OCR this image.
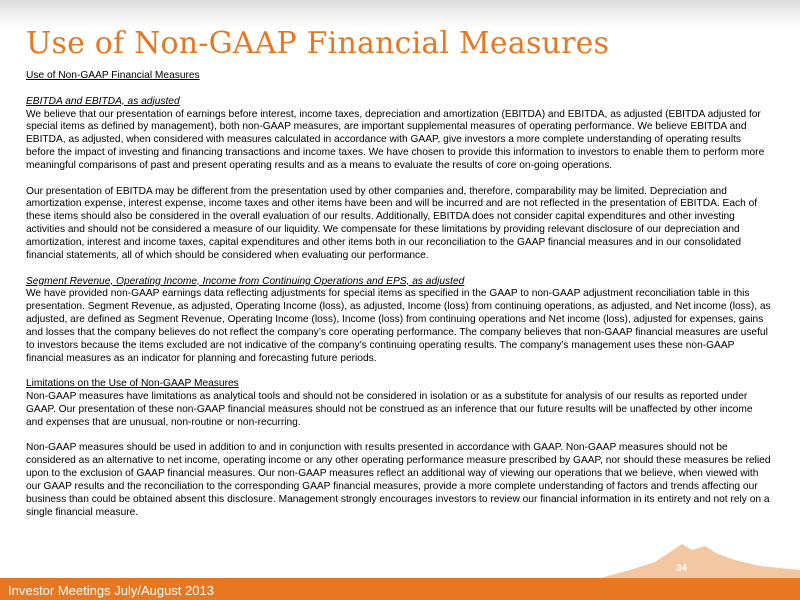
Use of Non-GAAP Financial Measures

Use of Non-GAAP Financial Measures

EBITDA and EBITDA, as adjusted

We believe that our presentation of earnings before interest, income taxes, depreciation and amortization (EBITDA) and EBITDA, as adjusted (EBITDA adjusted for special items as defined by management), both non-GAAP measures, are important supplemental measures of operating performance. We believe EBITDA and EBITDA, as adjusted, when considered with measures calculated in accordance with GAAP, give investors a more complete understanding of operating results before the impact of investing and financing transactions and income taxes. We have chosen to provide this information to investors to enable them to perform more meaningful comparisons of past and present operating results and as a means to evaluate the results of core on-going operations.

Our presentation of EBITDA may be different from the presentation used by other companies and, therefore, comparability may be limited. Depreciation and amortization expense, interest expense, income taxes and other items have been and will be incurred and are not reflected in the presentation of EBITDA. Each of these items should also be considered in the overall evaluation of our results. Additionally, EBITDA does not consider capital expenditures and other investing activities and should not be considered a measure of our liquidity. We compensate for these limitations by providing relevant disclosure of our depreciation and amortization, interest and income taxes, capital expenditures and other items both in our reconciliation to the GAAP financial measures and in our consolidated financial statements, all of which should be considered when evaluating our performance.

Segment Revenue, Operating Income, Income from Continuing Operations and EPS, as adjusted

We have provided non-GAAP earnings data reflecting adjustments for special items as specified in the GAAP to non-GAAP adjustment reconciliation table in this presentation. Segment Revenue, as adjusted, Operating Income (loss), as adjusted, Income (loss) from continuing operations, as adjusted, and Net income (loss), as adjusted, are defined as Segment Revenue, Operating Income (loss), Income (loss) from continuing operations and Net income (loss), adjusted for expenses, gains and losses that the company believes do not reflect the company’s core operating performance. The company believes that non-GAAP financial measures are useful to investors because the items excluded are not indicative of the company’s continuing operating results. The company’s management uses these non-GAAP financial measures as an indicator for planning and forecasting future periods.

Limitations on the Use of Non-GAAP Measures

Non-GAAP measures have limitations as analytical tools and should not be considered in isolation or as a substitute for analysis of our results as reported under GAAP. Our presentation of these non-GAAP financial measures should not be construed as an inference that our future results will be unaffected by other income and expenses that are unusual, non-routine or non-recurring.

Non-GAAP measures should be used in addition to and in conjunction with results presented in accordance with GAAP. Non-GAAP measures should not be considered as an alternative to net income, operating income or any other operating performance measure prescribed by GAAP, nor should these measures be relied upon to the exclusion of GAAP financial measures. Our non-GAAP measures reflect an additional way of viewing our operations that we believe, when viewed with our GAAP results and the reconciliation to the corresponding GAAP financial measures, provide a more complete understanding of factors and trends affecting our business than could be obtained absent this disclosure. Management strongly encourages investors to review our financial information in its entirety and not rely on a single financial measure.

Investor Meetings July/August 2013
34
